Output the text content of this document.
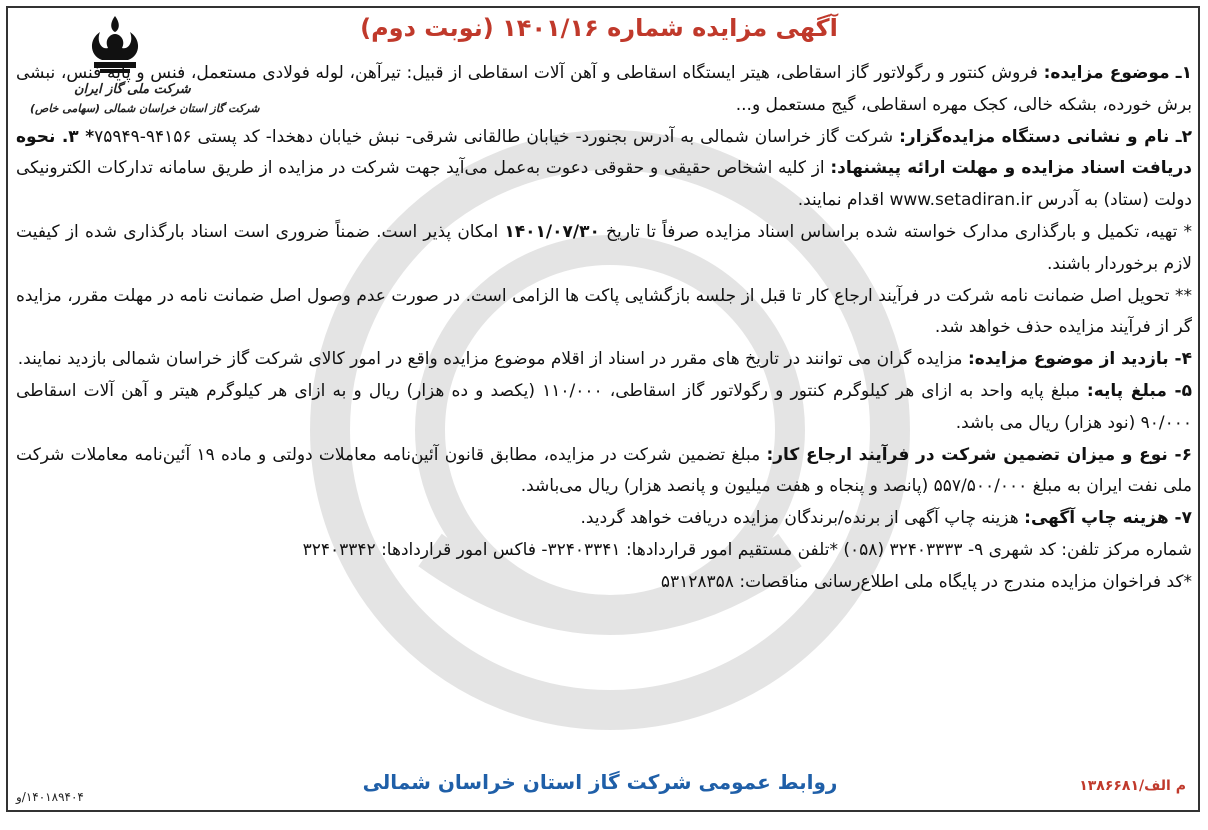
شرکت ملی گاز ایران
شرکت گاز استان خراسان شمالی (سهامی خاص)
آگهی مزایده شماره ۱۴۰۱/۱۶ (نوبت دوم)

۱ـ موضوع مزایده: فروش کنتور و رگولاتور گاز اسقاطی، هیتر ایستگاه اسقاطی و آهن آلات اسقاطی از قبیل: تیرآهن، لوله فولادی مستعمل، فنس و پایه فنس، نبشی برش خورده، بشکه خالی، کجک مهره اسقاطی، گیج مستعمل و...

۲ـ نام و نشانی دستگاه مزایده‌گزار: شرکت گاز خراسان شمالی به آدرس بجنورد- خیابان طالقانی شرقی- نبش خیابان دهخدا- کد پستی ۹۴۱۵۶-۷۵۹۴۹* ۳. نحوه دریافت اسناد مزایده و مهلت ارائه پیشنهاد: از کلیه اشخاص حقیقی و حقوقی دعوت به‌عمل می‌آید جهت شرکت در مزایده از طریق سامانه تدارکات الکترونیکی دولت (ستاد) به آدرس www.setadiran.ir اقدام نمایند.

* تهیه، تکمیل و بارگذاری مدارک خواسته شده براساس اسناد مزایده صرفاً تا تاریخ ۱۴۰۱/۰۷/۳۰ امکان پذیر است. ضمناً ضروری است اسناد بارگذاری شده از کیفیت لازم برخوردار باشند.

** تحویل اصل ضمانت نامه شرکت در فرآیند ارجاع کار تا قبل از جلسه بازگشایی پاکت ها الزامی است. در صورت عدم وصول اصل ضمانت نامه در مهلت مقرر، مزایده گر از فرآیند مزایده حذف خواهد شد.

۴- بازدید از موضوع مزایده: مزایده گران می توانند در تاریخ های مقرر در اسناد از اقلام موضوع مزایده واقع در امور کالای شرکت گاز خراسان شمالی بازدید نمایند.

۵- مبلغ پایه: مبلغ پایه واحد به ازای هر کیلوگرم کنتور و رگولاتور گاز اسقاطی، ۱۱۰/۰۰۰ (یکصد و ده هزار) ریال و به ازای هر کیلوگرم هیتر و آهن آلات اسقاطی ۹۰/۰۰۰ (نود هزار) ریال می باشد.

۶- نوع و میزان تضمین شرکت در فرآیند ارجاع کار: مبلغ تضمین شرکت در مزایده، مطابق قانون آئین‌نامه معاملات دولتی و ماده ۱۹ آئین‌نامه معاملات شرکت ملی نفت ایران به مبلغ ۵۵۷/۵۰۰/۰۰۰ (پانصد و پنجاه و هفت میلیون و پانصد هزار) ریال می‌باشد.

۷- هزینه چاپ آگهی: هزینه چاپ آگهی از برنده/برندگان مزایده دریافت خواهد گردید.

شماره مرکز تلفن: کد شهری ۹- ۳۲۴۰۳۳۳۳ (۰۵۸) *تلفن مستقیم امور قراردادها: ۳۲۴۰۳۳۴۱- فاکس امور قراردادها: ۳۲۴۰۳۳۴۲

*کد فراخوان مزایده مندرج در پایگاه ملی اطلاع‌رسانی مناقصات: ۵۳۱۲۸۳۵۸

روابط عمومی شرکت گاز استان خراسان شمالی	م الف/۱۳۸۶۶۸۱
۱۴۰۱۸۹۴۰۴/و
